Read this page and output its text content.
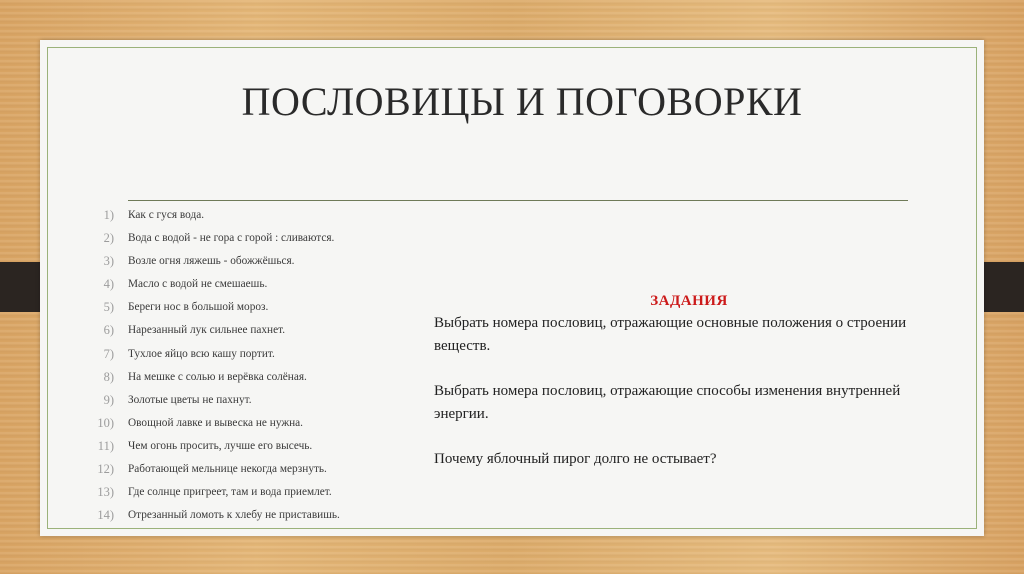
ПОСЛОВИЦЫ И ПОГОВОРКИ
1) Как с гуся вода.
2) Вода с водой - не гора с горой : сливаются.
3) Возле огня ляжешь - обожжёшься.
4) Масло с водой не смешаешь.
5) Береги нос в большой мороз.
6) Нарезанный лук сильнее пахнет.
7) Тухлое яйцо всю кашу портит.
8) На мешке с солью и верёвка солёная.
9) Золотые цветы не пахнут.
10) Овощной лавке и вывеска не нужна.
11) Чем огонь просить, лучше его высечь.
12) Работающей мельнице некогда мерзнуть.
13) Где солнце пригреет, там и вода приемлет.
14) Отрезанный ломоть к хлебу не приставишь.
ЗАДАНИЯ

Выбрать номера пословиц, отражающие основные положения о строении веществ.

Выбрать номера пословиц, отражающие способы изменения внутренней энергии.

Почему яблочный пирог долго не остывает?
